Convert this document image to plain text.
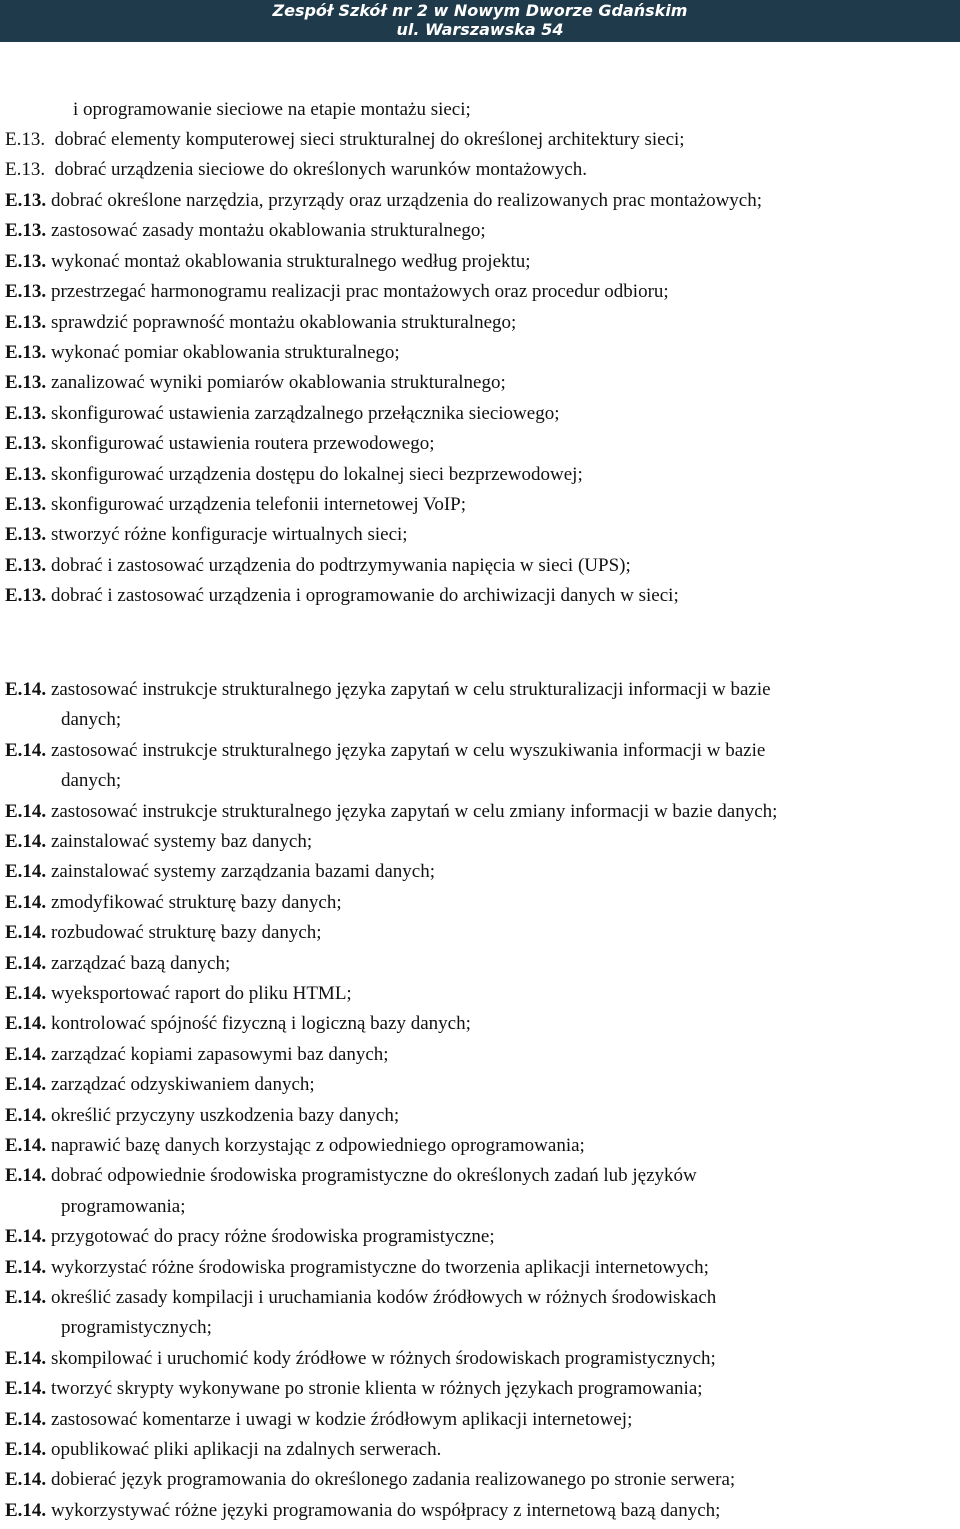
Zespół Szkół nr 2 w Nowym Dworze Gdańskim
ul. Warszawska 54
i oprogramowanie sieciowe na etapie montażu sieci;
E.13. dobrać elementy komputerowej sieci strukturalnej do określonej architektury sieci;
E.13. dobrać urządzenia sieciowe do określonych warunków montażowych.
E.13. dobrać określone narzędzia, przyrządy oraz urządzenia do realizowanych prac montażowych;
E.13. zastosować zasady montażu okablowania strukturalnego;
E.13. wykonać montaż okablowania strukturalnego według projektu;
E.13. przestrzegać harmonogramu realizacji prac montażowych oraz procedur odbioru;
E.13. sprawdzić poprawność montażu okablowania strukturalnego;
E.13. wykonać pomiar okablowania strukturalnego;
E.13. zanalizować wyniki pomiarów okablowania strukturalnego;
E.13. skonfigurować ustawienia zarządzalnego przełącznika sieciowego;
E.13. skonfigurować ustawienia routera przewodowego;
E.13. skonfigurować urządzenia dostępu do lokalnej sieci bezprzewodowej;
E.13. skonfigurować urządzenia telefonii internetowej VoIP;
E.13. stworzyć różne konfiguracje wirtualnych sieci;
E.13. dobrać i zastosować urządzenia do podtrzymywania napięcia w sieci (UPS);
E.13. dobrać i zastosować urządzenia i oprogramowanie do archiwizacji danych w sieci;
E.14. zastosować instrukcje strukturalnego języka zapytań w celu strukturalizacji informacji w bazie
danych;
E.14. zastosować instrukcje strukturalnego języka zapytań w celu wyszukiwania informacji w bazie
danych;
E.14. zastosować instrukcje strukturalnego języka zapytań w celu zmiany informacji w bazie danych;
E.14. zainstalować systemy baz danych;
E.14. zainstalować systemy zarządzania bazami danych;
E.14. zmodyfikować strukturę bazy danych;
E.14. rozbudować strukturę bazy danych;
E.14. zarządzać bazą danych;
E.14. wyeksportować raport do pliku HTML;
E.14. kontrolować spójność fizyczną i logiczną bazy danych;
E.14. zarządzać kopiami zapasowymi baz danych;
E.14. zarządzać odzyskiwaniem danych;
E.14. określić przyczyny uszkodzenia bazy danych;
E.14. naprawić bazę danych korzystając z odpowiedniego oprogramowania;
E.14. dobrać odpowiednie środowiska programistyczne do określonych zadań lub języków
programowania;
E.14. przygotować do pracy różne środowiska programistyczne;
E.14. wykorzystać różne środowiska programistyczne do tworzenia aplikacji internetowych;
E.14. określić zasady kompilacji i uruchamiania kodów źródłowych w różnych środowiskach
programistycznych;
E.14. skompilować i uruchomić kody źródłowe w różnych środowiskach programistycznych;
E.14. tworzyć skrypty wykonywane po stronie klienta w różnych językach programowania;
E.14. zastosować komentarze i uwagi w kodzie źródłowym aplikacji internetowej;
E.14. opublikować pliki aplikacji na zdalnych serwerach.
E.14. dobierać język programowania do określonego zadania realizowanego po stronie serwera;
E.14. wykorzystywać różne języki programowania do współpracy z internetową bazą danych;
